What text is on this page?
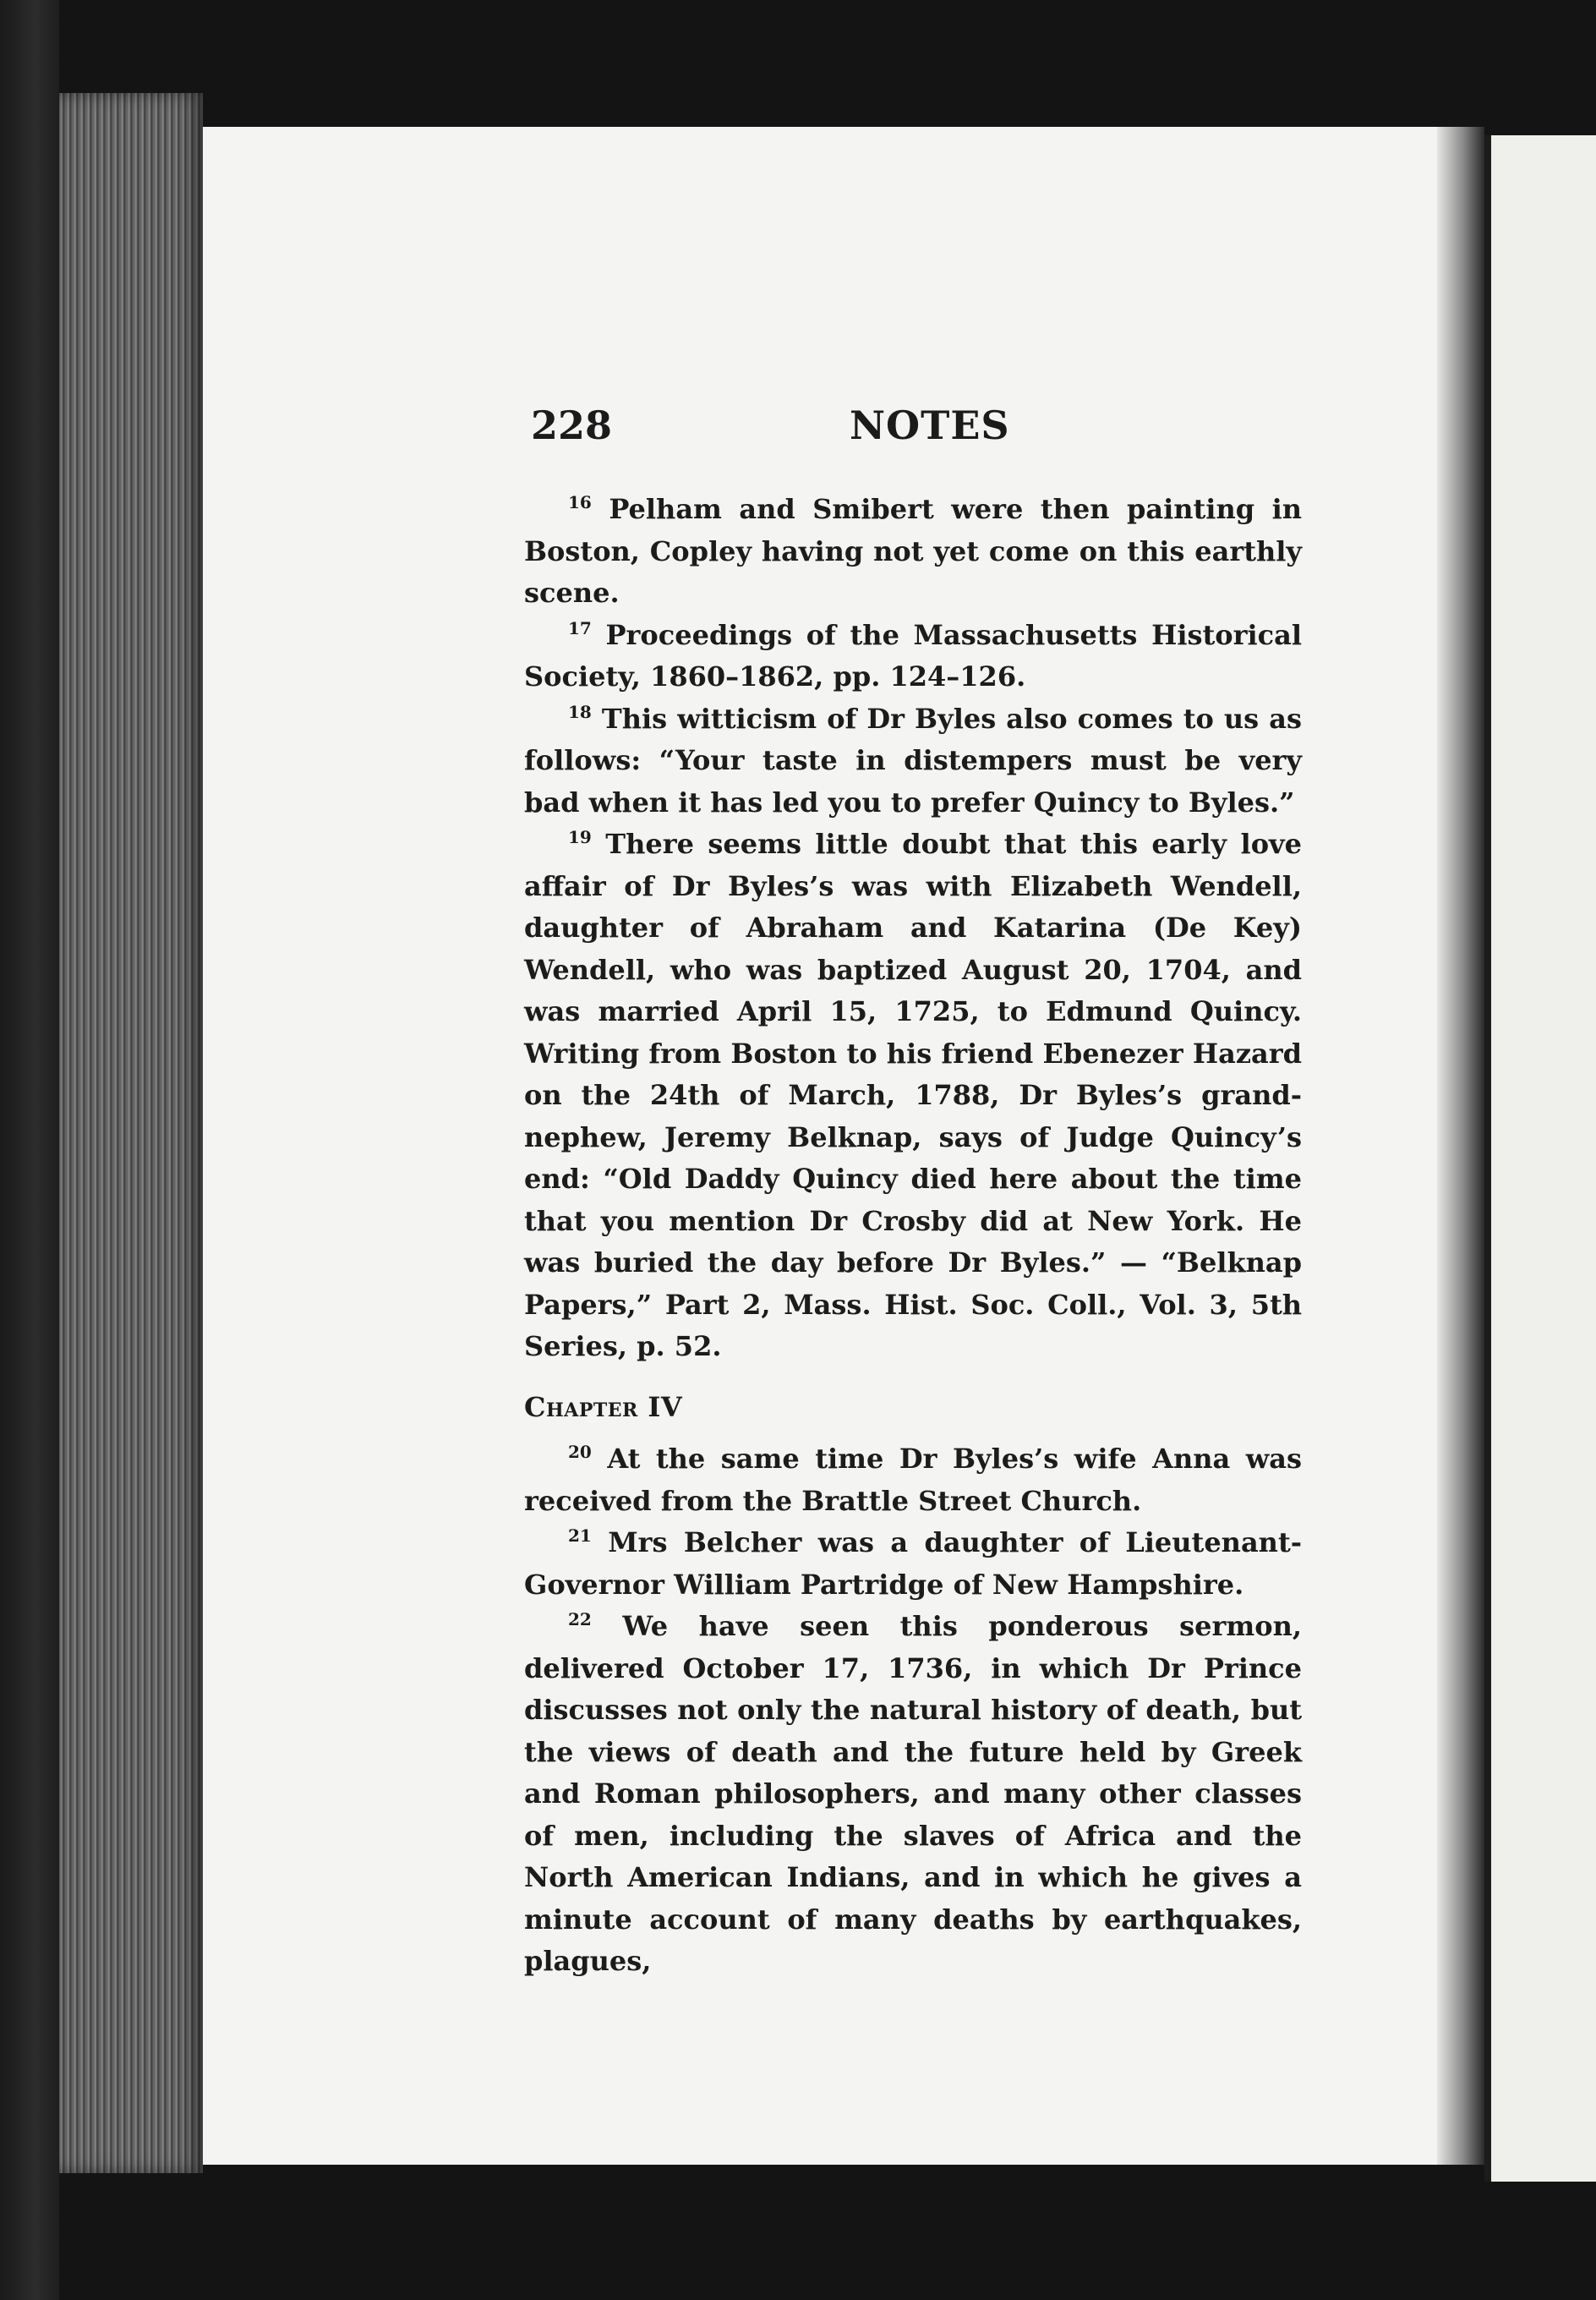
228	NOTES

$^{16}$ Pelham and Smibert were then painting in Boston, Copley having not yet come on this earthly scene.

$^{17}$ Proceedings of the Massachusetts Historical Society, 1860–1862, pp. 124–126.

$^{18}$ This witticism of Dr Byles also comes to us as follows: “Your taste in distempers must be very bad when it has led you to prefer Quincy to Byles.”

$^{19}$ There seems little doubt that this early love affair of Dr Byles’s was with Elizabeth Wendell, daughter of Abraham and Katarina (De Key) Wendell, who was baptized August 20, 1704, and was married April 15, 1725, to Edmund Quincy. Writing from Boston to his friend Ebenezer Hazard on the 24th of March, 1788, Dr Byles’s grand-nephew, Jeremy Belknap, says of Judge Quincy’s end: “Old Daddy Quincy died here about the time that you mention Dr Crosby did at New York. He was buried the day before Dr Byles.” — “Belknap Papers,” Part 2, Mass. Hist. Soc. Coll., Vol. 3, 5th Series, p. 52.

Chapter IV

$^{20}$ At the same time Dr Byles’s wife Anna was received from the Brattle Street Church.

$^{21}$ Mrs Belcher was a daughter of Lieutenant-Governor William Partridge of New Hampshire.

$^{22}$ We have seen this ponderous sermon, delivered October 17, 1736, in which Dr Prince discusses not only the natural history of death, but the views of death and the future held by Greek and Roman philosophers, and many other classes of men, including the slaves of Africa and the North American Indians, and in which he gives a minute account of many deaths by earthquakes, plagues,
